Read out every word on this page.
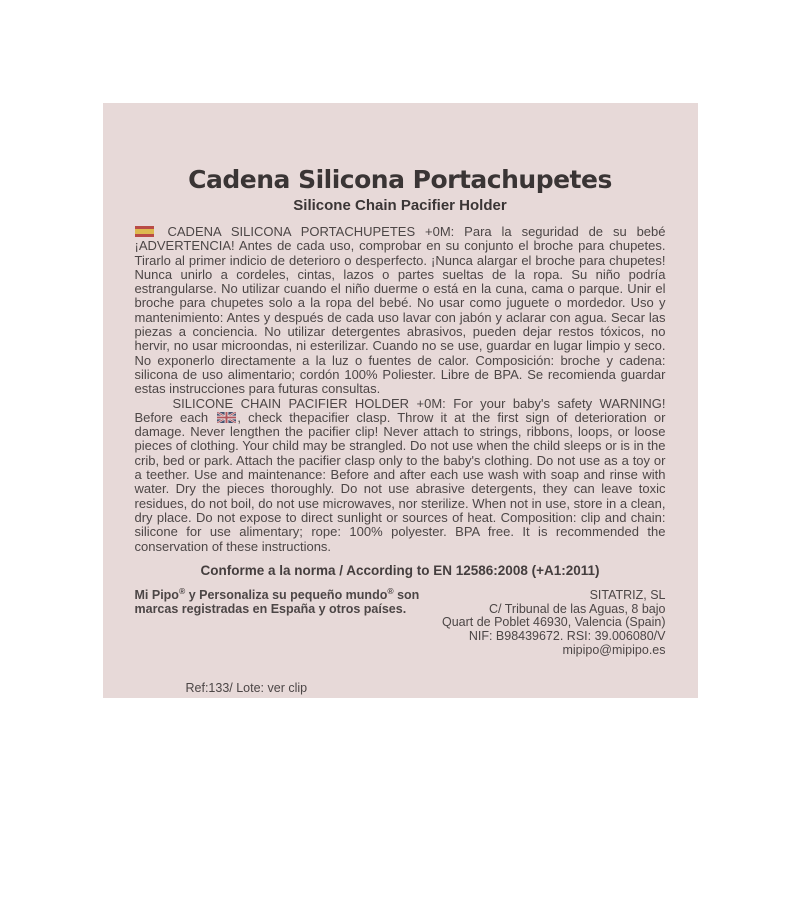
Cadena Silicona Portachupetes
Silicone Chain Pacifier Holder

CADENA SILICONA PORTACHUPETES +0M: Para la seguridad de su bebé ¡ADVERTENCIA! Antes de cada uso, comprobar en su conjunto el broche para chupetes. Tirarlo al primer indicio de deterioro o desperfecto. ¡Nunca alargar el broche para chupetes! Nunca unirlo a cordeles, cintas, lazos o partes sueltas de la ropa. Su niño podría estrangularse. No utilizar cuando el niño duerme o está en la cuna, cama o parque. Unir el broche para chupetes solo a la ropa del bebé. No usar como juguete o mordedor. Uso y mantenimiento: Antes y después de cada uso lavar con jabón y aclarar con agua. Secar las piezas a conciencia. No utilizar detergentes abrasivos, pueden dejar restos tóxicos, no hervir, no usar microondas, ni esterilizar. Cuando no se use, guardar en lugar limpio y seco. No exponerlo directamente a la luz o fuentes de calor. Composición: broche y cadena: silicona de uso alimentario; cordón 100% Poliester. Libre de BPA. Se recomienda guardar estas instrucciones para futuras consultas.

SILICONE CHAIN PACIFIER HOLDER +0M: For your baby's safety WARNING! Before each
, check thepacifier clasp. Throw it at the first sign of deterioration or damage. Never lengthen the pacifier clip! Never attach to strings, ribbons, loops, or loose pieces of clothing. Your child may be strangled. Do not use when the child sleeps or is in the crib, bed or park. Attach the pacifier clasp only to the baby's clothing. Do not use as a toy or a teether. Use and maintenance: Before and after each use wash with soap and rinse with water. Dry the pieces thoroughly. Do not use abrasive detergents, they can leave toxic residues, do not boil, do not use microwaves, nor sterilize. When not in use, store in a clean, dry place. Do not expose to direct sunlight or sources of heat. Composition: clip and chain: silicone for use alimentary; rope: 100% polyester. BPA free. It is recommended the conservation of these instructions.

Conforme a la norma / According to EN 12586:2008 (+A1:2011)
Mi Pipo® y Personaliza su pequeño mundo® son marcas registradas en España y otros países.
SITATRIZ, SL
C/ Tribunal de las Aguas, 8 bajo
Quart de Poblet 46930, Valencia (Spain)
NIF: B98439672. RSI: 39.006080/V
mipipo@mipipo.es
Ref:133/ Lote: ver clip
